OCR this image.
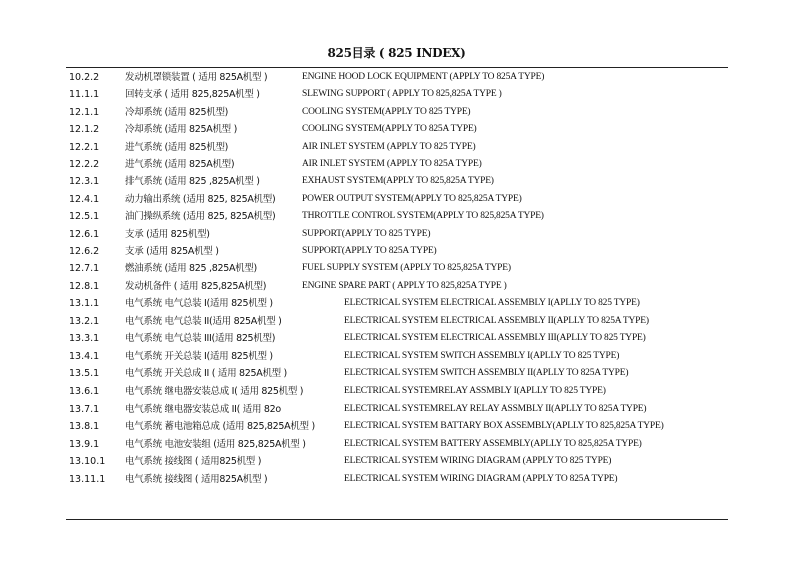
825目录 ( 825 INDEX)
10.2.2	发动机罩锁装置 ( 适用 825A机型 )	ENGINE HOOD LOCK EQUIPMENT (APPLY TO 825A TYPE)
11.1.1	回转支承 ( 适用 825,825A机型 )	SLEWING SUPPORT ( APPLY TO 825,825A TYPE )
12.1.1	冷却系统 (适用 825机型)	COOLING SYSTEM(APPLY TO 825 TYPE)
12.1.2	冷却系统 (适用 825A机型 )	COOLING SYSTEM(APPLY TO 825A TYPE)
12.2.1	进气系统 (适用 825机型)	AIR INLET SYSTEM (APPLY TO 825 TYPE)
12.2.2	进气系统 (适用 825A机型)	AIR INLET SYSTEM (APPLY TO 825A TYPE)
12.3.1	排气系统 (适用 825 ,825A机型 )	EXHAUST SYSTEM(APPLY TO 825,825A TYPE)
12.4.1	动力输出系统 (适用 825, 825A机型)	POWER OUTPUT SYSTEM(APPLY TO 825,825A TYPE)
12.5.1	油门操纵系统 (适用 825, 825A机型)	THROTTLE CONTROL SYSTEM(APPLY TO 825,825A TYPE)
12.6.1	支承 (适用 825机型)	SUPPORT(APPLY TO 825 TYPE)
12.6.2	支承 (适用 825A机型 )	SUPPORT(APPLY TO 825A TYPE)
12.7.1	燃油系统 (适用 825 ,825A机型)	FUEL SUPPLY SYSTEM (APPLY TO 825,825A TYPE)
12.8.1	发动机备件 ( 适用 825,825A机型)	ENGINE SPARE PART ( APPLY TO 825,825A TYPE )
13.1.1	电气系统 电气总装 I(适用 825机型 )	ELECTRICAL SYSTEM ELECTRICAL ASSEMBLY I(APLLY TO 825 TYPE)
13.2.1	电气系统 电气总装 II(适用 825A机型 )	ELECTRICAL SYSTEM ELECTRICAL ASSEMBLY II(APLLY TO 825A TYPE)
13.3.1	电气系统 电气总装 III(适用 825机型)	ELECTRICAL SYSTEM ELECTRICAL ASSEMBLY III(APLLY TO 825 TYPE)
13.4.1	电气系统 开关总装 I(适用 825机型 )	ELECTRICAL SYSTEM SWITCH ASSEMBLY I(APLLY TO 825 TYPE)
13.5.1	电气系统 开关总成 II ( 适用 825A机型 )	ELECTRICAL SYSTEM SWITCH ASSEMBLY II(APLLY TO 825A TYPE)
13.6.1	电气系统 继电器安装总成 I( 适用 825机型 )	ELECTRICAL SYSTEMRELAY ASSMBLY I(APLLY TO 825 TYPE)
13.7.1	电气系统 继电器安装总成 II( 适用 82o	ELECTRICAL SYSTEMRELAY RELAY ASSMBLY II(APLLY TO 825A TYPE)
13.8.1	电气系统 蓄电池箱总成 (适用 825,825A机型 )	ELECTRICAL SYSTEM BATTARY BOX ASSEMBLY(APLLY TO 825,825A TYPE)
13.9.1	电气系统 电池安装组 (适用 825,825A机型 )	ELECTRICAL SYSTEM BATTERY ASSEMBLY(APLLY TO 825,825A TYPE)
13.10.1 电气系统 接线图 ( 适用825机型 )	ELECTRICAL SYSTEM WIRING DIAGRAM (APPLY TO 825 TYPE)
13.11.1 电气系统 接线图 ( 适用825A机型 )	ELECTRICAL SYSTEM WIRING DIAGRAM (APPLY TO 825A TYPE)
